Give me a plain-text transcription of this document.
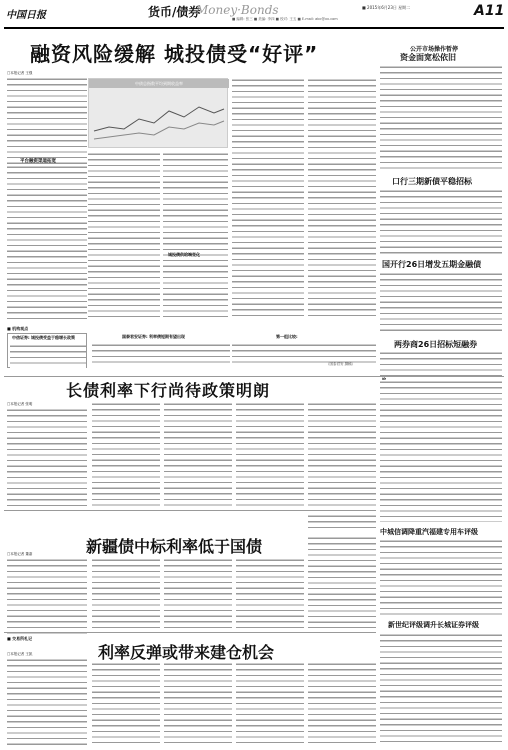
中国日报	货币/债券
Money·Bonds	■ 2015年6月23日 星期二
■ 编辑: 张三 ■ 美编: 李四 ■ 校对: 王五 ■ E-mail: abc@xx.com	A11
融资风险缓解 城投债受“好评”
□本报记者 王强
平台融资渠道拓宽
■ 机构观点
中债总指数平均到期收益率
中信证券: 城投债受益于稳增长政策	国泰君安证券: 利率债短期有望出现	第一组比较:
（国泰君安 撰稿）
城投债供给端变化
公开市场操作暂停
资金面宽松依旧
口行三期新债平稳招标
国开行26日增发五期金融债
两券商26日招标短融券
长债利率下行尚待政策明朗
□本报记者 张明
中城信调降重汽福建专用车评级
新世纪评级调升长城证券评级
新疆债中标利率低于国债
□本报记者 董嘉
■ 交易所札记
□本报记者 王凯	利率反弹或带来建仓机会
